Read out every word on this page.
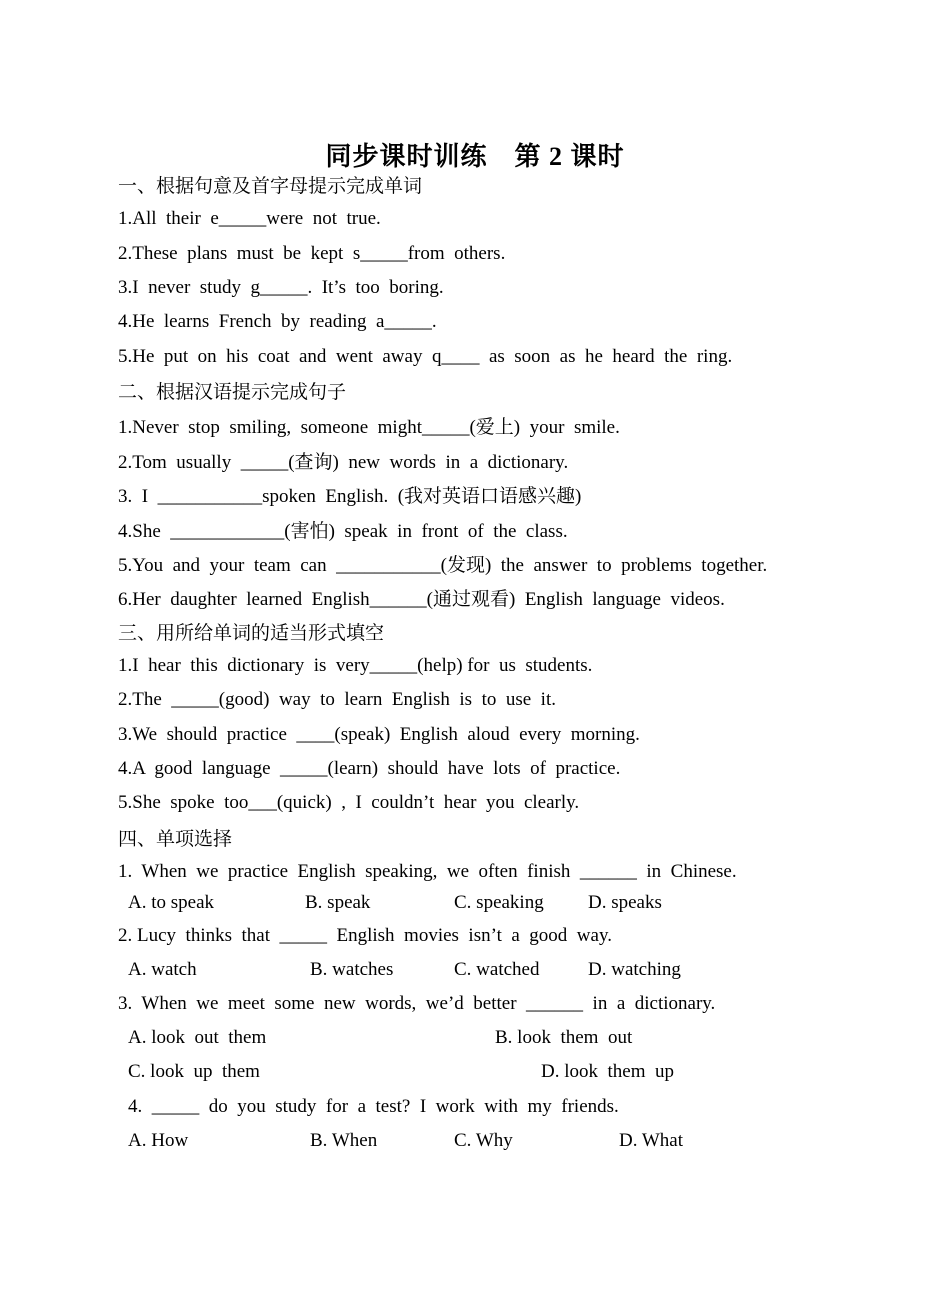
同步课时训练　第 2 课时
一、根据句意及首字母提示完成单词
1.All  their  e_____were  not  true.
2.These  plans  must  be  kept  s_____from  others.
3.I  never  study  g_____.  It’s  too  boring.
4.He  learns  French  by  reading  a_____.
5.He  put  on  his  coat  and  went  away  q____  as  soon  as  he  heard  the  ring.
二、根据汉语提示完成句子
1.Never  stop  smiling,  someone  might_____(爱上)  your  smile.
2.Tom  usually  _____(查询)  new  words  in  a  dictionary.
3.  I  ___________spoken  English.  (我对英语口语感兴趣)
4.She  ____________(害怕)  speak  in  front  of  the  class.
5.You  and  your  team  can  ___________(发现)  the  answer  to  problems  together.
6.Her  daughter  learned  English______(通过观看)  English  language  videos.
三、用所给单词的适当形式填空
1.I  hear  this  dictionary  is  very_____(help) for  us  students.
2.The  _____(good)  way  to  learn  English  is  to  use  it.
3.We  should  practice  ____(speak)  English  aloud  every  morning.
4.A  good  language  _____(learn)  should  have  lots  of  practice.
5.She  spoke  too___(quick)  ,  I  couldn’t  hear  you  clearly.
四、单项选择
1.  When  we  practice  English  speaking,  we  often  finish  ______  in  Chinese.
A. to speak	B. speak	C. speaking D. speaks
2. Lucy  thinks  that  _____  English  movies  isn’t  a  good  way.
A. watch	B. watches	C. watched	D. watching
3.  When  we  meet  some  new  words,  we’d  better  ______  in  a  dictionary.
A. look  out  them	B. look  them  out
C. look  up  them	D. look  them  up
4.  _____  do  you  study  for  a  test?  I  work  with  my  friends.
A. How	B. When	C. Why	D. What
